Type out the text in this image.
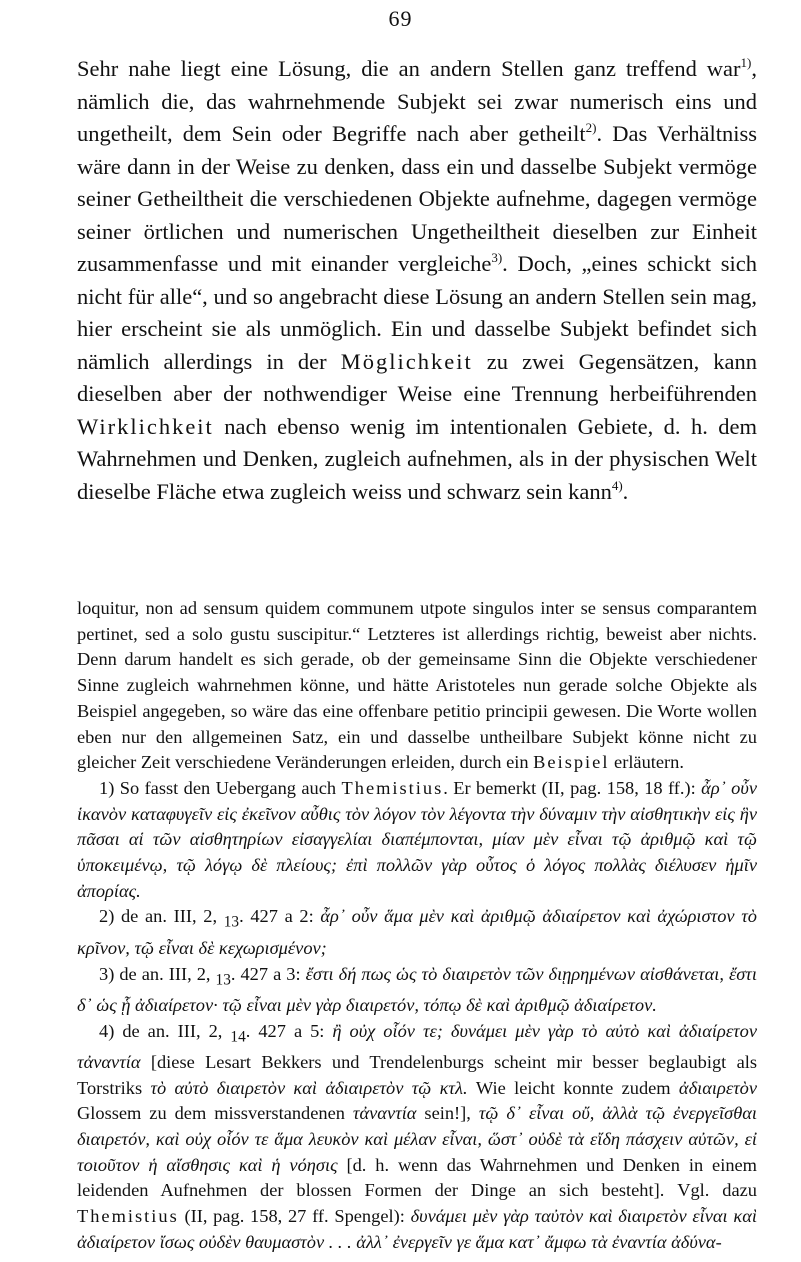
69

Sehr nahe liegt eine Lösung, die an andern Stellen ganz treffend war$^{1)}$, nämlich die, das wahrnehmende Subjekt sei zwar numerisch eins und ungetheilt, dem Sein oder Begriffe nach aber getheilt$^{2)}$. Das Verhältniss wäre dann in der Weise zu denken, dass ein und dasselbe Subjekt vermöge seiner Getheiltheit die verschiedenen Objekte aufnehme, dagegen vermöge seiner örtlichen und numerischen Ungetheiltheit dieselben zur Einheit zusammenfasse und mit einander vergleiche$^{3)}$. Doch, „eines schickt sich nicht für alle“, und so angebracht diese Lösung an andern Stellen sein mag, hier erscheint sie als unmöglich. Ein und dasselbe Subjekt befindet sich nämlich allerdings in der Möglichkeit zu zwei Gegensätzen, kann dieselben aber der nothwendiger Weise eine Trennung herbeiführenden Wirklichkeit nach ebenso wenig im intentionalen Gebiete, d. h. dem Wahrnehmen und Denken, zugleich aufnehmen, als in der physischen Welt dieselbe Fläche etwa zugleich weiss und schwarz sein kann$^{4)}$.

loquitur, non ad sensum quidem communem utpote singulos inter se sensus comparantem pertinet, sed a solo gustu suscipitur.“ Letzteres ist allerdings richtig, beweist aber nichts. Denn darum handelt es sich gerade, ob der gemeinsame Sinn die Objekte verschiedener Sinne zugleich wahrnehmen könne, und hätte Aristoteles nun gerade solche Objekte als Beispiel angegeben, so wäre das eine offenbare petitio principii gewesen. Die Worte wollen eben nur den allgemeinen Satz, ein und dasselbe untheilbare Subjekt könne nicht zu gleicher Zeit verschiedene Veränderungen erleiden, durch ein Beispiel erläutern.

1) So fasst den Uebergang auch Themistius. Er bemerkt (II, pag. 158, 18 ff.): ἆρ᾽ οὖν ἱκανὸν καταφυγεῖν εἰς ἐκεῖνον αὖθις τὸν λόγον τὸν λέγοντα τὴν δύναμιν τὴν αἰσθητικὴν εἰς ἣν πᾶσαι αἱ τῶν αἰσθητηρίων εἰσαγγελίαι διαπέμπονται, μίαν μὲν εἶναι τῷ ἀριθμῷ καὶ τῷ ὑποκειμένῳ, τῷ λόγῳ δὲ πλείους; ἐπὶ πολλῶν γὰρ οὗτος ὁ λόγος πολλὰς διέλυσεν ἡμῖν ἀπορίας.

2) de an. III, 2, $_{13}$. 427 a 2: ἆρ᾽ οὖν ἅμα μὲν καὶ ἀριθμῷ ἀδιαίρετον καὶ ἀχώριστον τὸ κρῖνον, τῷ εἶναι δὲ κεχωρισμένον;

3) de an. III, 2, $_{13}$. 427 a 3: ἔστι δή πως ὡς τὸ διαιρετὸν τῶν διῃρημένων αἰσθάνεται, ἔστι δ᾽ ὡς ᾗ ἀδιαίρετον· τῷ εἶναι μὲν γὰρ διαιρετόν, τόπῳ δὲ καὶ ἀριθμῷ ἀδιαίρετον.

4) de an. III, 2, $_{14}$. 427 a 5: ἢ οὐχ οἷόν τε; δυνάμει μὲν γὰρ τὸ αὐτὸ καὶ ἀδιαίρετον τἀναντία [diese Lesart Bekkers und Trendelenburgs scheint mir besser beglaubigt als Torstriks τὸ αὐτὸ διαιρετὸν καὶ ἀδιαιρετὸν τῷ κτλ. Wie leicht konnte zudem ἀδιαιρετὸν Glossem zu dem missverstandenen τἀναντία sein!], τῷ δ᾽ εἶναι οὔ, ἀλλὰ τῷ ἐνεργεῖσθαι διαιρετόν, καὶ οὐχ οἷόν τε ἅμα λευκὸν καὶ μέλαν εἶναι, ὥστ᾽ οὐδὲ τὰ εἴδη πάσχειν αὐτῶν, εἰ τοιοῦτον ἡ αἴσθησις καὶ ἡ νόησις [d. h. wenn das Wahrnehmen und Denken in einem leidenden Aufnehmen der blossen Formen der Dinge an sich besteht]. Vgl. dazu Themistius (II, pag. 158, 27 ff. Spengel): δυνάμει μὲν γὰρ ταὐτὸν καὶ διαιρετὸν εἶναι καὶ ἀδιαίρετον ἴσως οὐδὲν θαυμαστὸν . . . ἀλλ᾽ ἐνεργεῖν γε ἅμα κατ᾽ ἄμφω τὰ ἐναντία ἀδύνα-
